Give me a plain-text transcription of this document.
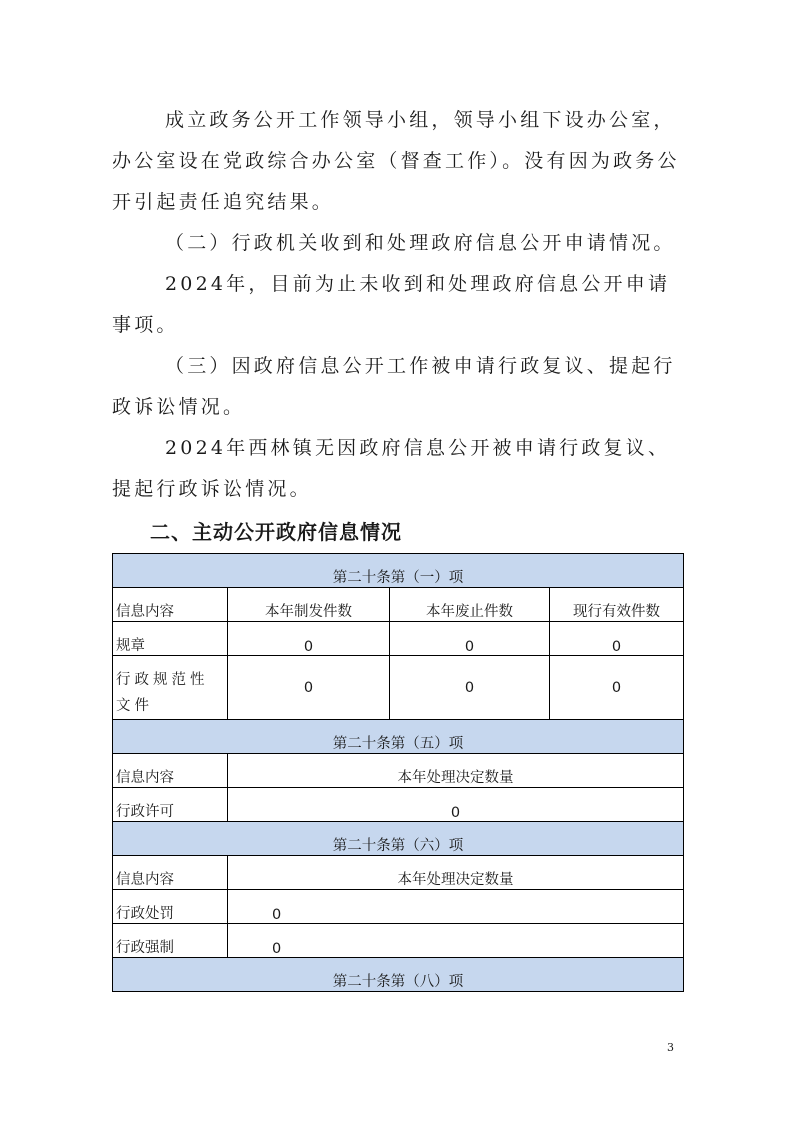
成立政务公开工作领导小组，领导小组下设办公室，办公室设在党政综合办公室（督查工作）。没有因为政务公开引起责任追究结果。

（二）行政机关收到和处理政府信息公开申请情况。

2024年，目前为止未收到和处理政府信息公开申请事项。

（三）因政府信息公开工作被申请行政复议、提起行政诉讼情况。

2024年西林镇无因政府信息公开被申请行政复议、提起行政诉讼情况。

二、主动公开政府信息情况
第二十条第（一）项			
信息内容	本年制发件数	本年废止件数	现行有效件数
规章	0	0	0
行政规范性文件	0	0	0
第二十条第（五）项			
信息内容	本年处理决定数量		
行政许可	0		
第二十条第（六）项			
信息内容	本年处理决定数量		
行政处罚	0		
行政强制	0		
第二十条第（八）项			
3
